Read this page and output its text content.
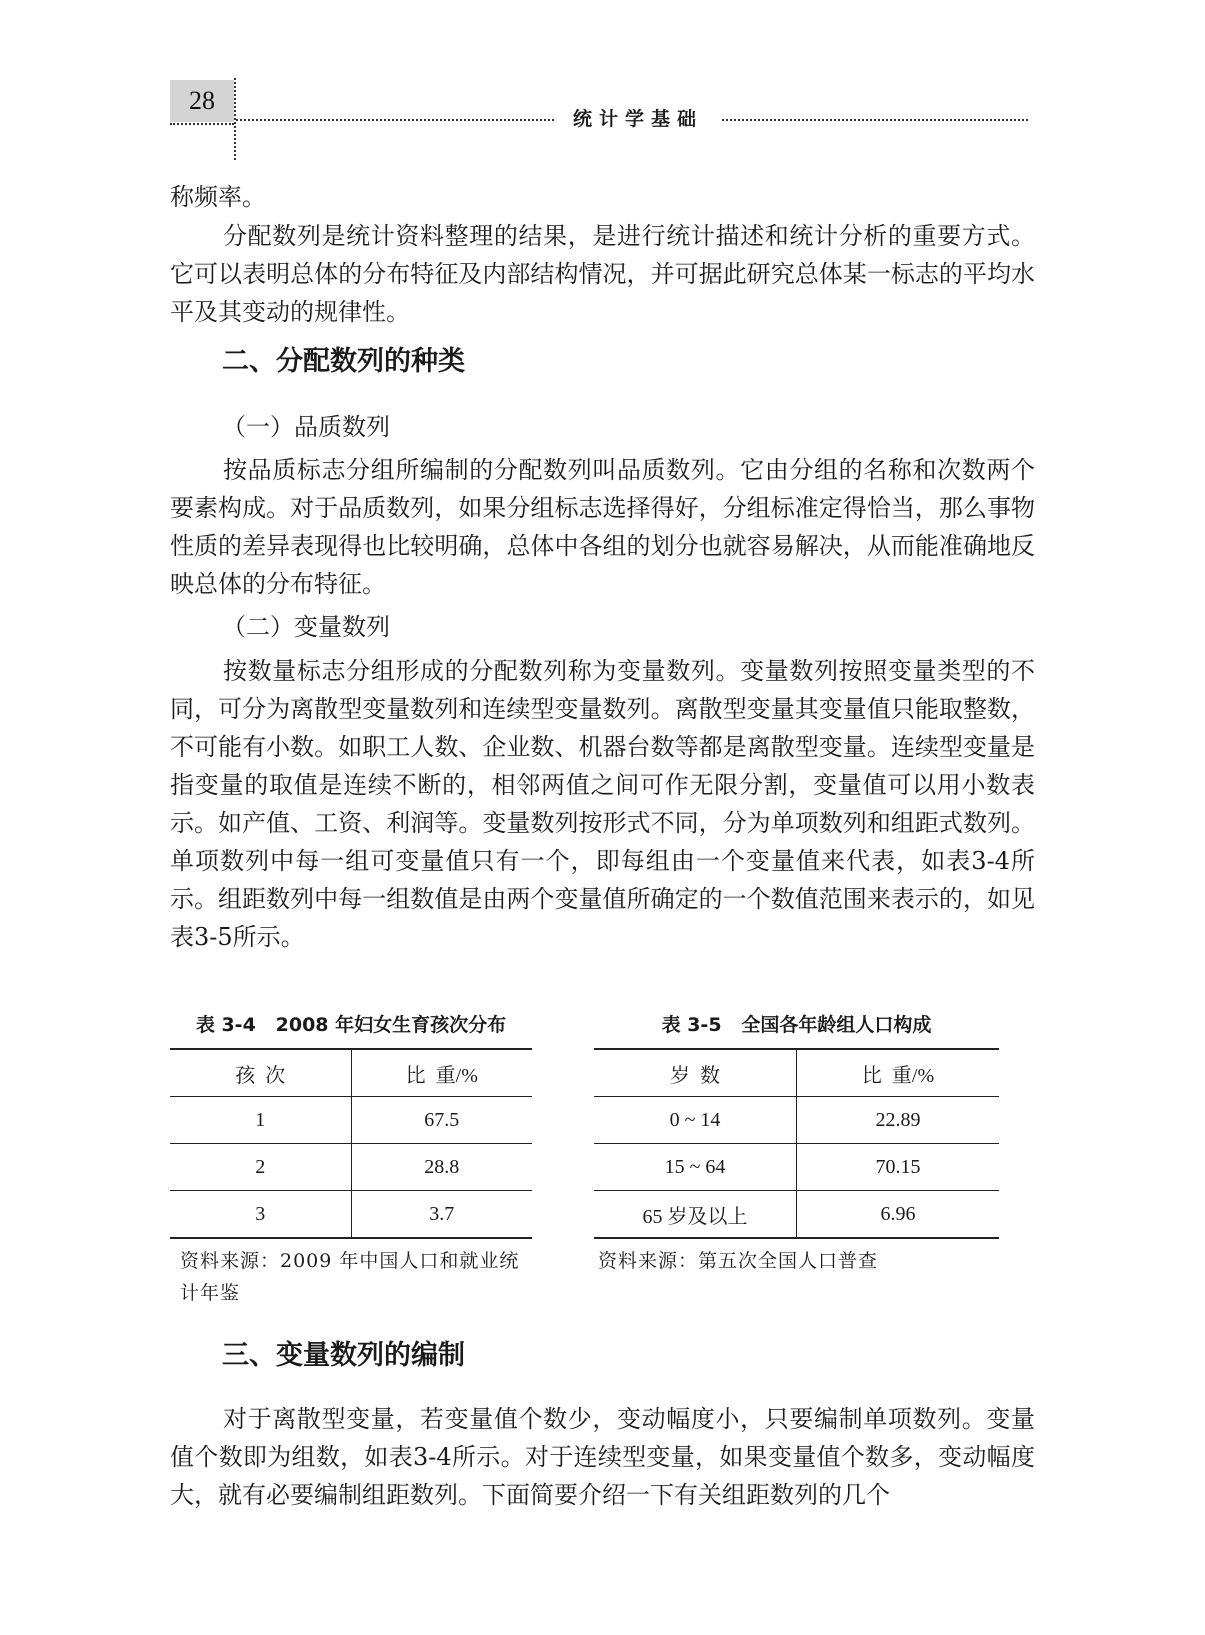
28
统计学基础
称频率。
分配数列是统计资料整理的结果，是进行统计描述和统计分析的重要方式。它可以表明总体的分布特征及内部结构情况，并可据此研究总体某一标志的平均水平及其变动的规律性。
二、分配数列的种类
（一）品质数列
按品质标志分组所编制的分配数列叫品质数列。它由分组的名称和次数两个要素构成。对于品质数列，如果分组标志选择得好，分组标准定得恰当，那么事物性质的差异表现得也比较明确，总体中各组的划分也就容易解决，从而能准确地反映总体的分布特征。
（二）变量数列
按数量标志分组形成的分配数列称为变量数列。变量数列按照变量类型的不同，可分为离散型变量数列和连续型变量数列。离散型变量其变量值只能取整数，不可能有小数。如职工人数、企业数、机器台数等都是离散型变量。连续型变量是指变量的取值是连续不断的，相邻两值之间可作无限分割，变量值可以用小数表示。如产值、工资、利润等。变量数列按形式不同，分为单项数列和组距式数列。单项数列中每一组可变量值只有一个，即每组由一个变量值来代表，如表3-4所示。组距数列中每一组数值是由两个变量值所确定的一个数值范围来表示的，如见表3-5所示。
表 3-4   2008 年妇女生育孩次分布
孩  次	比  重/%
1	67.5
2	28.8
3	3.7
资料来源：2009 年中国人口和就业统计年鉴
表 3-5   全国各年龄组人口构成
岁  数	比  重/%
0 ~ 14	22.89
15 ~ 64	70.15
65 岁及以上	6.96
资料来源：第五次全国人口普查
三、变量数列的编制
对于离散型变量，若变量值个数少，变动幅度小，只要编制单项数列。变量值个数即为组数，如表3-4所示。对于连续型变量，如果变量值个数多，变动幅度大，就有必要编制组距数列。下面简要介绍一下有关组距数列的几个
